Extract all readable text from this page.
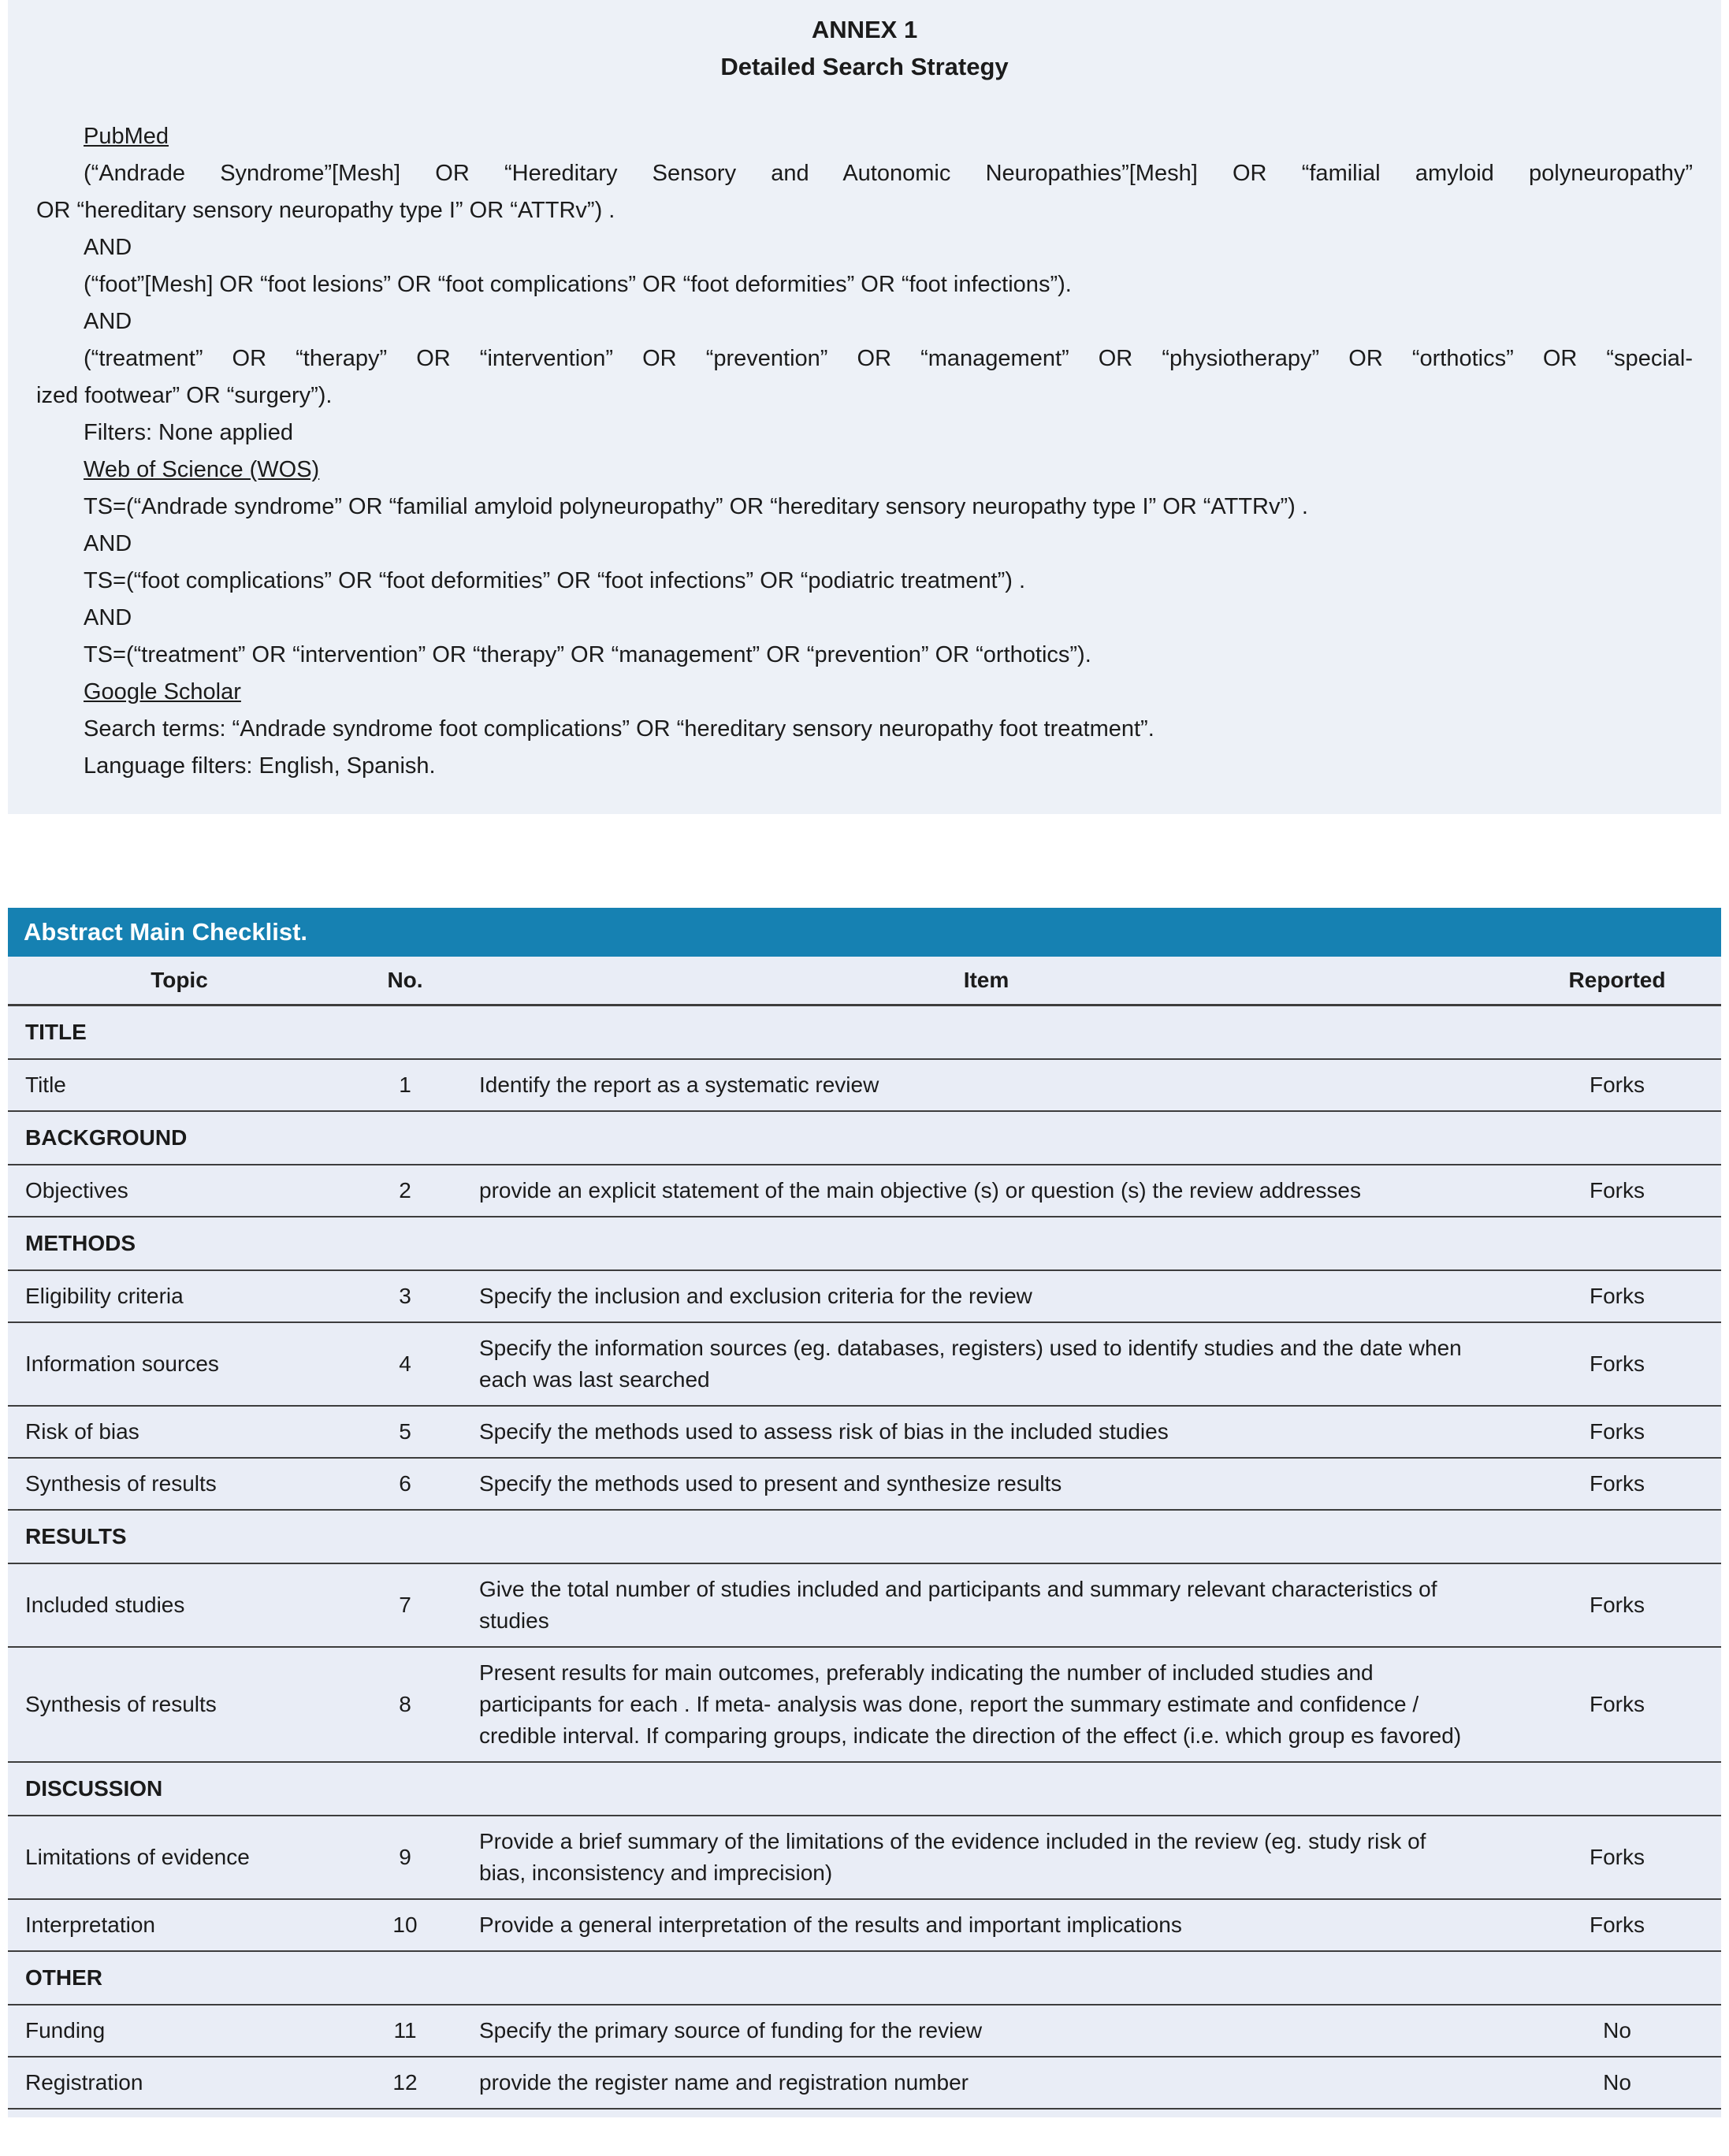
ANNEX 1
Detailed Search Strategy
PubMed
(“Andrade Syndrome”[Mesh] OR “Hereditary Sensory and Autonomic Neuropathies”[Mesh] OR “familial amyloid polyneuropathy”
OR “hereditary sensory neuropathy type I” OR “ATTRv”) .
AND
(“foot”[Mesh] OR “foot lesions” OR “foot complications” OR “foot deformities” OR “foot infections”).
AND
(“treatment” OR “therapy” OR “intervention” OR “prevention” OR “management” OR “physiotherapy” OR “orthotics” OR “special-
ized footwear” OR “surgery”).
Filters: None applied
Web of Science (WOS)
TS=(“Andrade syndrome” OR “familial amyloid polyneuropathy” OR “hereditary sensory neuropathy type I” OR “ATTRv”) .
AND
TS=(“foot complications” OR “foot deformities” OR “foot infections” OR “podiatric treatment”) .
AND
TS=(“treatment” OR “intervention” OR “therapy” OR “management” OR “prevention” OR “orthotics”).
Google Scholar
Search terms: “Andrade syndrome foot complications” OR “hereditary sensory neuropathy foot treatment”.
Language filters: English, Spanish.
Abstract Main Checklist.
Topic	No.	Item	Reported
TITLE			
Title	1	Identify the report as a systematic review	Forks
BACKGROUND			
Objectives	2	provide an explicit statement of the main objective (s) or question (s) the review addresses	Forks
METHODS			
Eligibility criteria	3	Specify the inclusion and exclusion criteria for the review	Forks
Information sources	4	Specify the information sources (eg. databases, registers) used to identify studies and the date when each was last searched	Forks
Risk of bias	5	Specify the methods used to assess risk of bias in the included studies	Forks
Synthesis of results	6	Specify the methods used to present and synthesize results	Forks
RESULTS			
Included studies	7	Give the total number of studies included and participants and summary relevant characteristics of studies	Forks
Synthesis of results	8	Present results for main outcomes, preferably indicating the number of included studies and participants for each . If meta- analysis was done, report the summary estimate and confidence / credible interval. If comparing groups, indicate the direction of the effect (i.e. which group es favored)	Forks
DISCUSSION			
Limitations of evidence	9	Provide a brief summary of the limitations of the evidence included in the review (eg. study risk of bias, inconsistency and imprecision)	Forks
Interpretation	10	Provide a general interpretation of the results and important implications	Forks
OTHER			
Funding	11	Specify the primary source of funding for the review	No
Registration	12	provide the register name and registration number	No
